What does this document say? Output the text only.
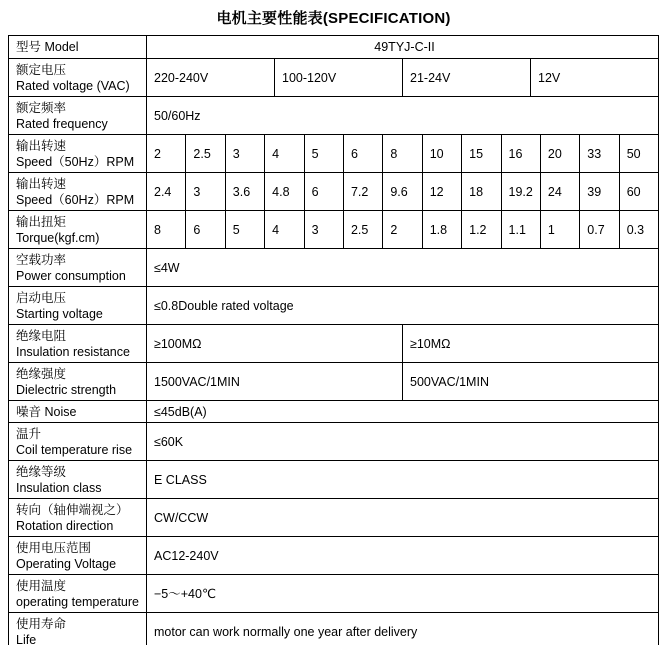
电机主要性能表(SPECIFICATION)
型号 Model	49TYJ-C-II
额定电压
Rated voltage (VAC)
220-240V	100-120V	21-24V	12V
额定频率
Rated frequency
50/60Hz
输出转速
Speed（50Hz）RPM
2	2.5	3	4	5	6	8	10	15	16	20	33	50
输出转速
Speed（60Hz）RPM
2.4	3	3.6	4.8	6	7.2	9.6	12	18	19.2	24	39	60
输出扭矩
Torque(kgf.cm)
8	6	5	4	3	2.5	2	1.8	1.2	1.1	1	0.7	0.3
空载功率
Power consumption
≤4W
启动电压
Starting voltage
≤0.8Double rated voltage
绝缘电阻
Insulation resistance
≥100MΩ	≥10MΩ
绝缘强度
Dielectric strength
1500VAC/1MIN	500VAC/1MIN
噪音 Noise	≤45dB(A)
温升
Coil temperature rise
≤60K
绝缘等级
Insulation class
E CLASS
转向（轴伸端视之）
Rotation direction
CW/CCW
使用电压范围
Operating Voltage
AC12-240V
使用温度
operating temperature
−5～+40℃
使用寿命
Life
motor can work normally one year after delivery
